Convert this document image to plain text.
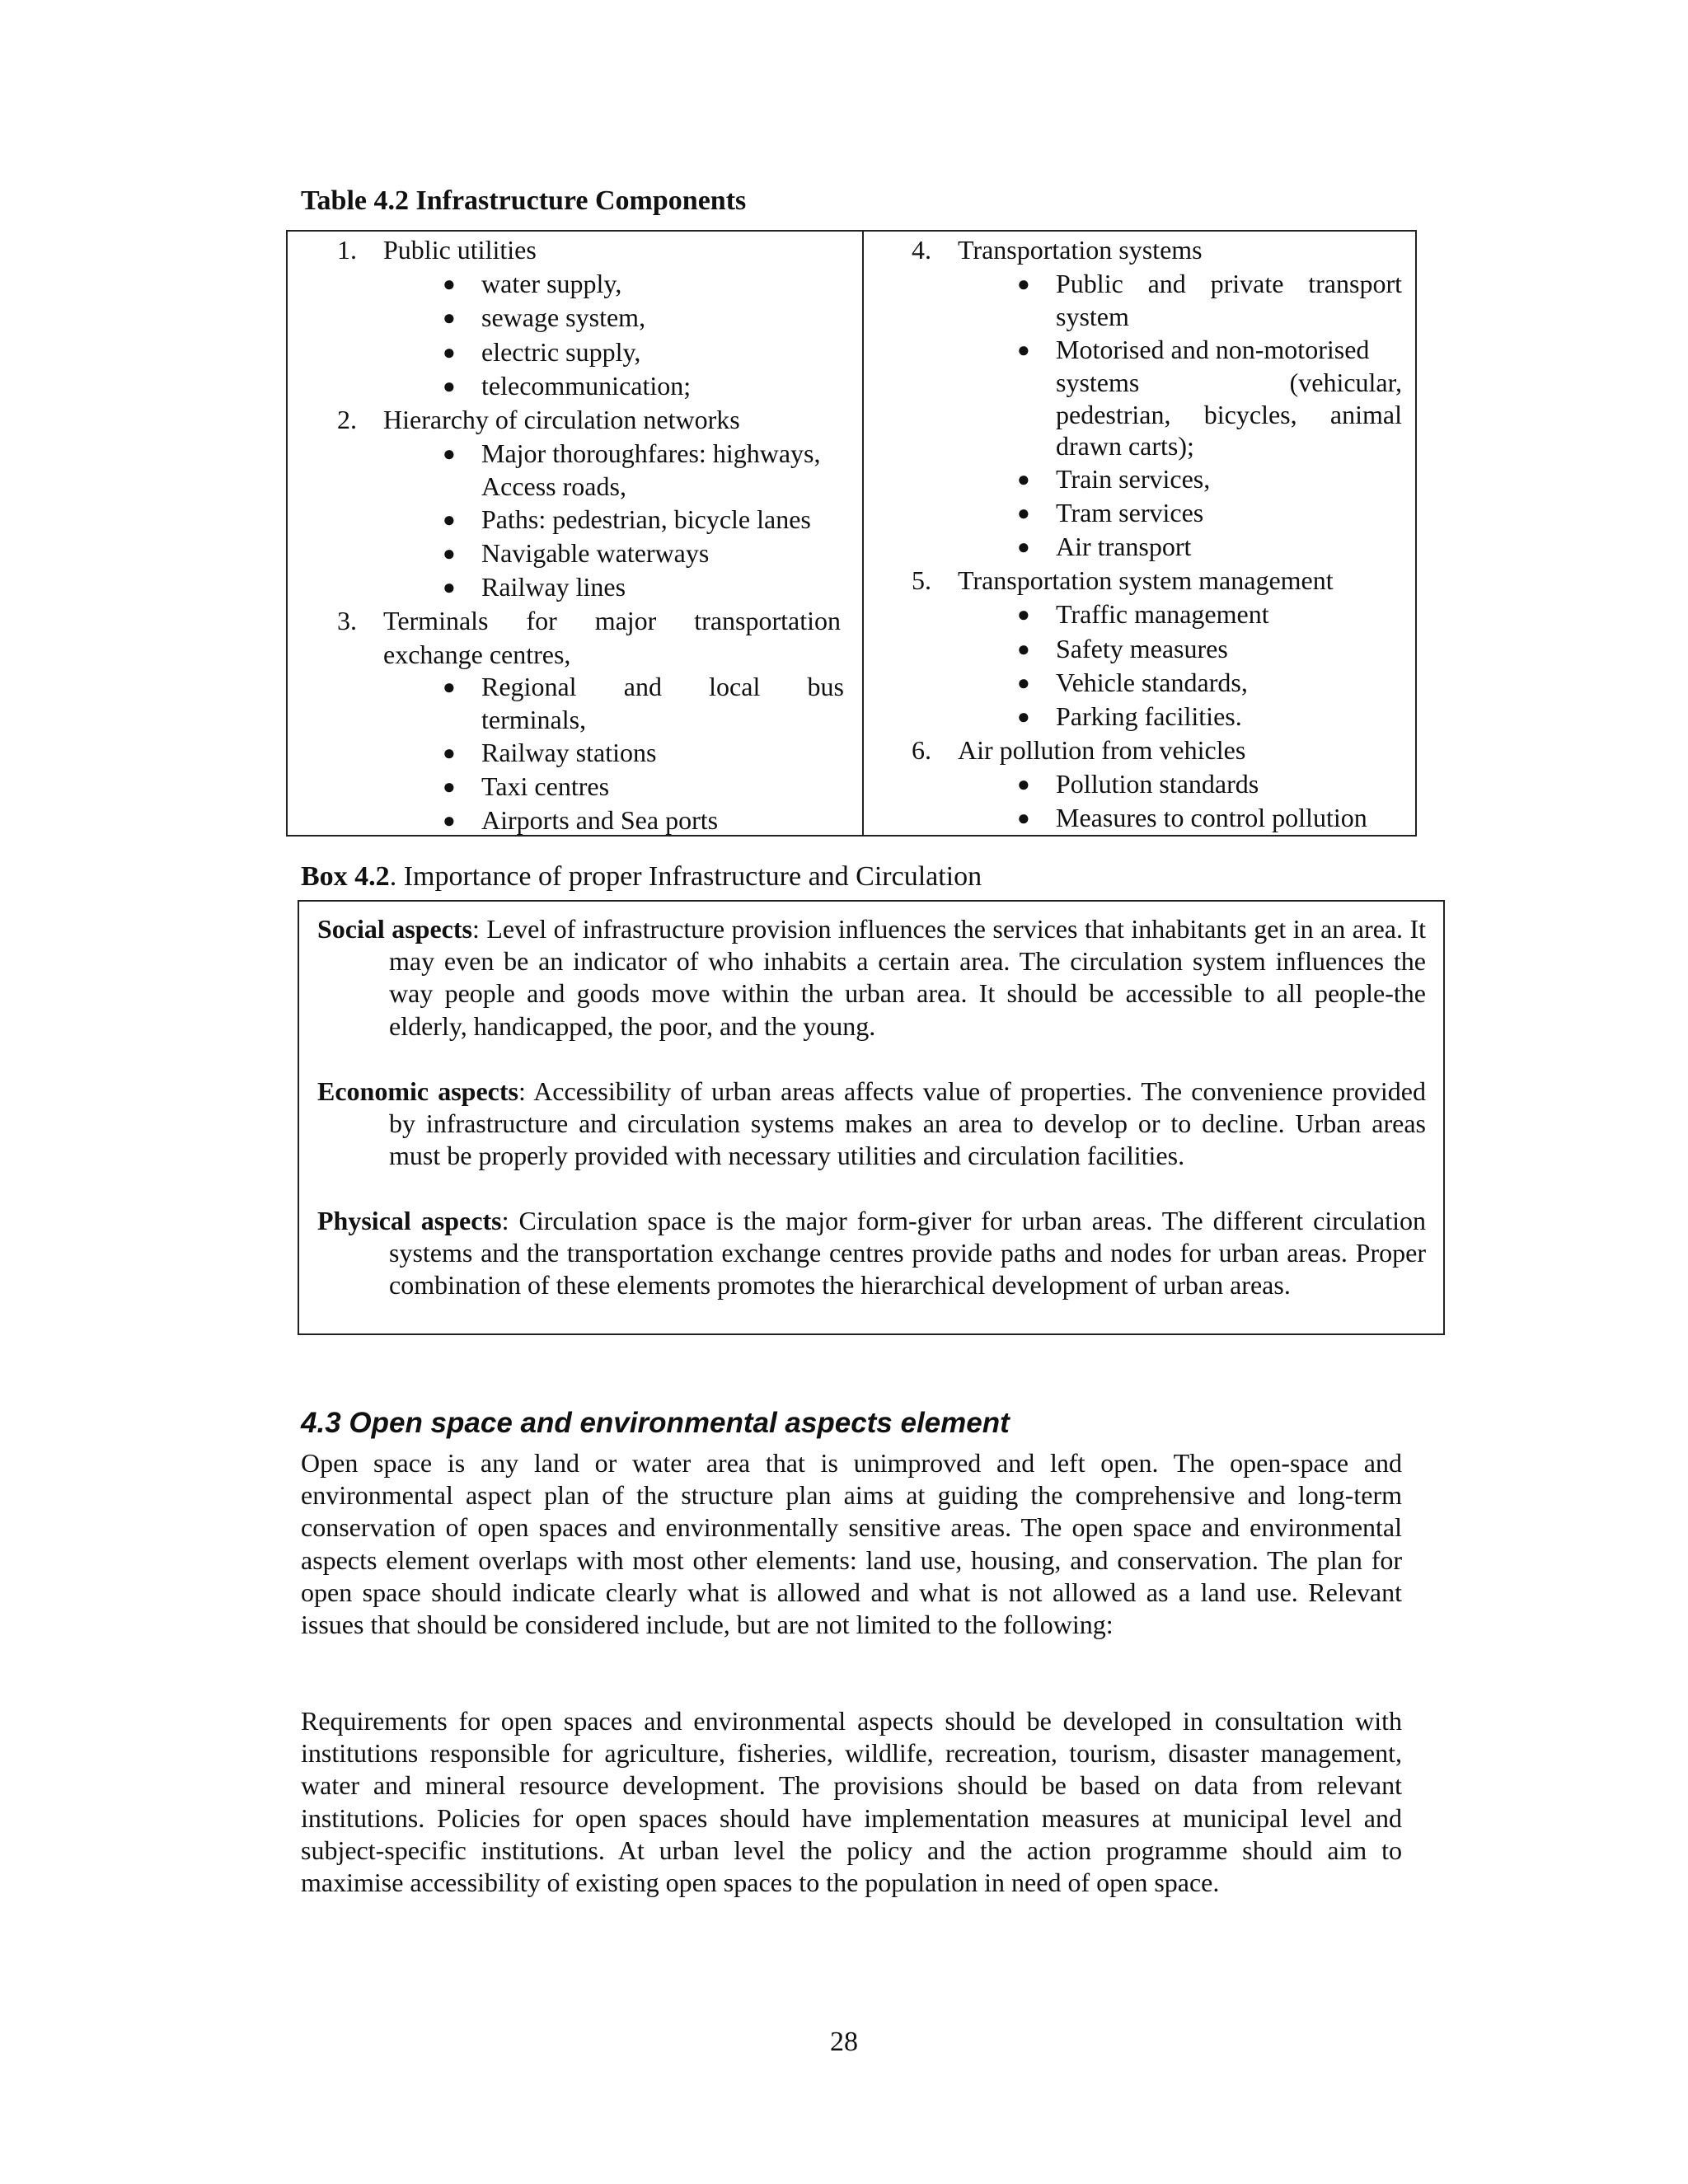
Table 4.2 Infrastructure Components
1.	Public utilities
● water supply,
● sewage system,
● electric supply,
● telecommunication;
2.	Hierarchy of circulation networks
● Major thoroughfares: highways,
Access roads,
● Paths: pedestrian, bicycle lanes
● Navigable waterways
● Railway lines
3.	Terminals for major transportation
exchange centres,
● Regional and local bus
terminals,
● Railway stations
● Taxi centres
● Airports and Sea ports
4.	Transportation systems
● Public and private transport
system
● Motorised and non-motorised
systems (vehicular,
pedestrian, bicycles, animal
drawn carts);
● Train services,
● Tram services
● Air transport
5.	Transportation system management
● Traffic management
● Safety measures
● Vehicle standards,
● Parking facilities.
6.	Air pollution from vehicles
● Pollution standards
● Measures to control pollution
Box 4.2. Importance of proper Infrastructure and Circulation
Social aspects: Level of infrastructure provision influences the services that inhabitants get in an area. It may even be an indicator of who inhabits a certain area. The circulation system influences the way people and goods move within the urban area. It should be accessible to all people-the elderly, handicapped, the poor, and the young.
Economic aspects: Accessibility of urban areas affects value of properties. The convenience provided by infrastructure and circulation systems makes an area to develop or to decline. Urban areas must be properly provided with necessary utilities and circulation facilities.
Physical aspects: Circulation space is the major form-giver for urban areas. The different circulation systems and the transportation exchange centres provide paths and nodes for urban areas. Proper combination of these elements promotes the hierarchical development of urban areas.
4.3 Open space and environmental aspects element
Open space is any land or water area that is unimproved and left open. The open-space and environmental aspect plan of the structure plan aims at guiding the comprehensive and long-term conservation of open spaces and environmentally sensitive areas. The open space and environmental aspects element overlaps with most other elements: land use, housing, and conservation. The plan for open space should indicate clearly what is allowed and what is not allowed as a land use. Relevant issues that should be considered include, but are not limited to the following:
Requirements for open spaces and environmental aspects should be developed in consultation with institutions responsible for agriculture, fisheries, wildlife, recreation, tourism, disaster management, water and mineral resource development. The provisions should be based on data from relevant institutions. Policies for open spaces should have implementation measures at municipal level and subject-specific institutions. At urban level the policy and the action programme should aim to maximise accessibility of existing open spaces to the population in need of open space.
28
